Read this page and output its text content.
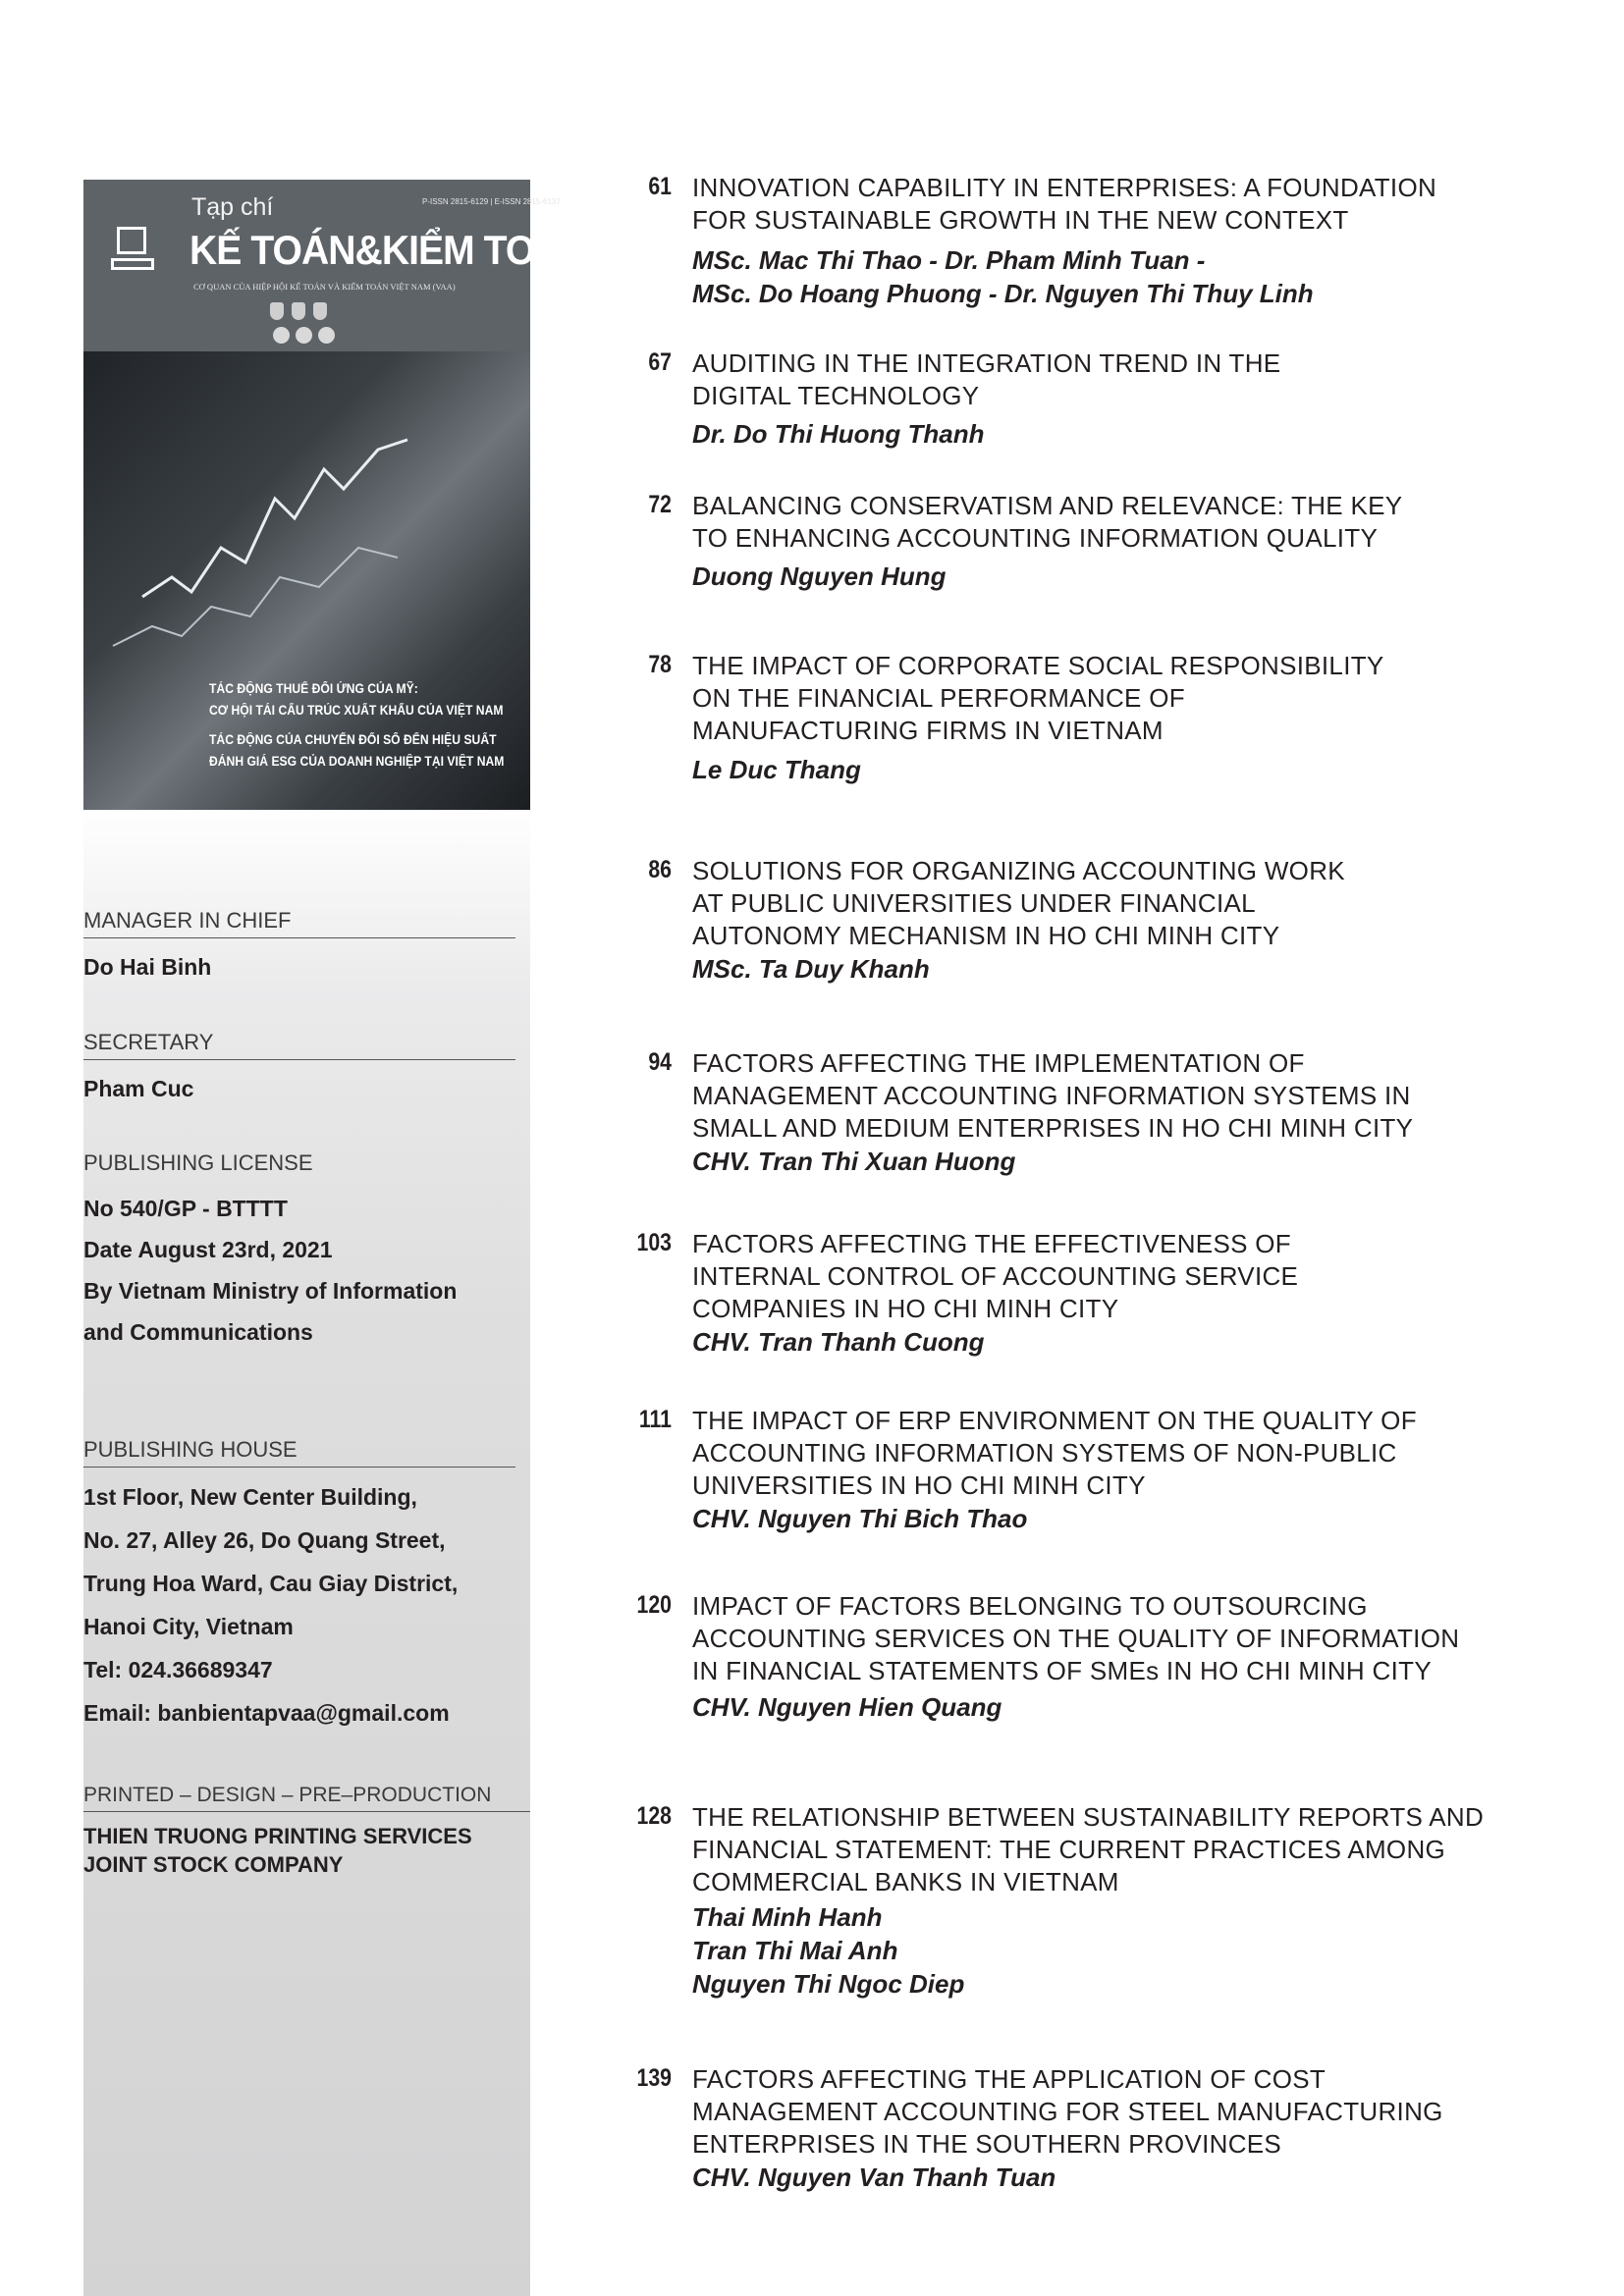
Tạp chí	P-ISSN 2815-6129 | E-ISSN 2815-6137
KẾ TOÁN&KIỂM TOÁN
CƠ QUAN CỦA HIỆP HỘI KẾ TOÁN VÀ KIỂM TOÁN VIỆT NAM (VAA)
TÁC ĐỘNG THUẾ ĐỐI ỨNG CỦA MỸ:
CƠ HỘI TÁI CẤU TRÚC XUẤT KHẨU CỦA VIỆT NAM
TÁC ĐỘNG CỦA CHUYỂN ĐỔI SỐ ĐẾN HIỆU SUẤT
ĐÁNH GIÁ ESG CỦA DOANH NGHIỆP TẠI VIỆT NAM
MANAGER IN CHIEF
Do Hai Binh
SECRETARY
Pham Cuc
PUBLISHING LICENSE
No 540/GP - BTTTT
Date August 23rd, 2021
By Vietnam Ministry of Information
and Communications
PUBLISHING HOUSE
1st Floor, New Center Building,
No. 27, Alley 26, Do Quang Street,
Trung Hoa Ward, Cau Giay District,
Hanoi City, Vietnam
Tel: 024.36689347
Email: banbientapvaa@gmail.com
PRINTED – DESIGN – PRE–PRODUCTION
THIEN TRUONG PRINTING SERVICES
JOINT STOCK COMPANY
61 INNOVATION CAPABILITY IN ENTERPRISES: A FOUNDATION
FOR SUSTAINABLE GROWTH IN THE NEW CONTEXT
MSc. Mac Thi Thao - Dr. Pham Minh Tuan -
MSc. Do Hoang Phuong - Dr. Nguyen Thi Thuy Linh
67 AUDITING IN THE INTEGRATION TREND IN THE
DIGITAL TECHNOLOGY
Dr. Do Thi Huong Thanh
72 BALANCING CONSERVATISM AND RELEVANCE: THE KEY
TO ENHANCING ACCOUNTING INFORMATION QUALITY
Duong Nguyen Hung
78 THE IMPACT OF CORPORATE SOCIAL RESPONSIBILITY
ON THE FINANCIAL PERFORMANCE OF
MANUFACTURING FIRMS IN VIETNAM
Le Duc Thang
86 SOLUTIONS FOR ORGANIZING ACCOUNTING WORK
AT PUBLIC UNIVERSITIES UNDER FINANCIAL
AUTONOMY MECHANISM IN HO CHI MINH CITY
MSc. Ta Duy Khanh
94 FACTORS AFFECTING THE IMPLEMENTATION OF
MANAGEMENT ACCOUNTING INFORMATION SYSTEMS IN
SMALL AND MEDIUM ENTERPRISES IN HO CHI MINH CITY
CHV. Tran Thi Xuan Huong
103 FACTORS AFFECTING THE EFFECTIVENESS OF
INTERNAL CONTROL OF ACCOUNTING SERVICE
COMPANIES IN HO CHI MINH CITY
CHV. Tran Thanh Cuong
111 THE IMPACT OF ERP ENVIRONMENT ON THE QUALITY OF
ACCOUNTING INFORMATION SYSTEMS OF NON-PUBLIC
UNIVERSITIES IN HO CHI MINH CITY
CHV. Nguyen Thi Bich Thao
120 IMPACT OF FACTORS BELONGING TO OUTSOURCING
ACCOUNTING SERVICES ON THE QUALITY OF INFORMATION
IN FINANCIAL STATEMENTS OF SMEs IN HO CHI MINH CITY
CHV. Nguyen Hien Quang
128 THE RELATIONSHIP BETWEEN SUSTAINABILITY REPORTS AND
FINANCIAL STATEMENT: THE CURRENT PRACTICES AMONG
COMMERCIAL BANKS IN VIETNAM
Thai Minh Hanh
Tran Thi Mai Anh
Nguyen Thi Ngoc Diep
139 FACTORS AFFECTING THE APPLICATION OF COST
MANAGEMENT ACCOUNTING FOR STEEL MANUFACTURING
ENTERPRISES IN THE SOUTHERN PROVINCES
CHV. Nguyen Van Thanh Tuan
